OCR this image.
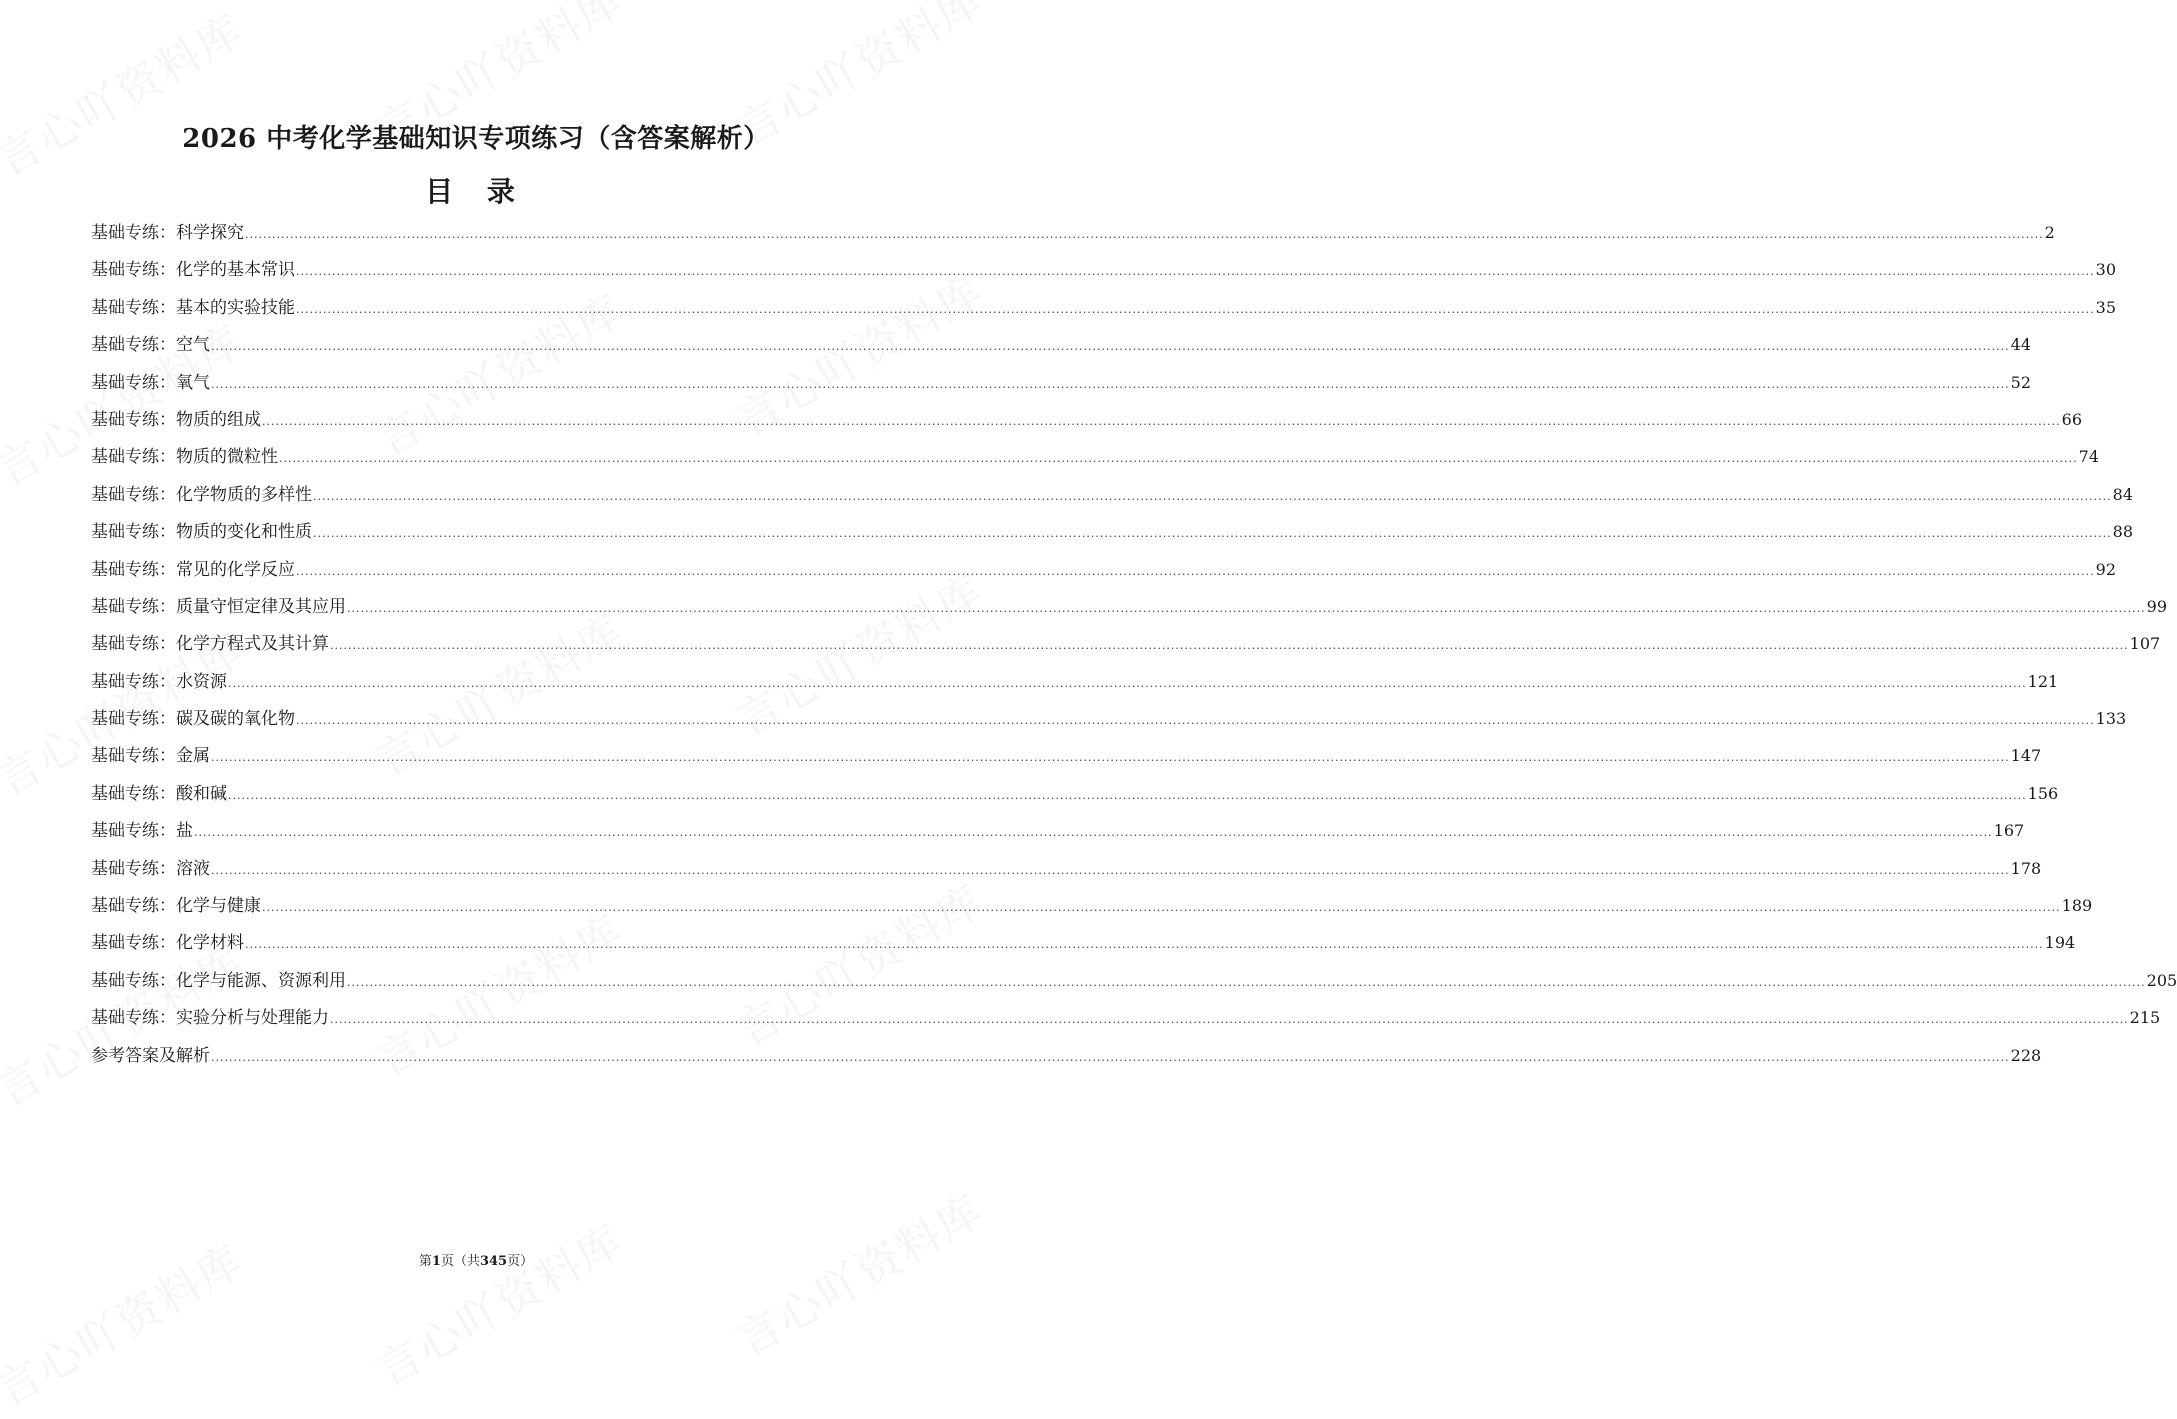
2026 中考化学基础知识专项练习（含答案解析）
目 录
基础专练：科学探究 ................................................................................................................................................................................................................................................................................................................................................................................................................ 2
基础专练：化学的基本常识 ................................................................................................................................................................................................................................................................................................................................................................................................................ 30
基础专练：基本的实验技能 ................................................................................................................................................................................................................................................................................................................................................................................................................ 35
基础专练：空气 ................................................................................................................................................................................................................................................................................................................................................................................................................ 44
基础专练：氧气 ................................................................................................................................................................................................................................................................................................................................................................................................................ 52
基础专练：物质的组成 ................................................................................................................................................................................................................................................................................................................................................................................................................ 66
基础专练：物质的微粒性 ................................................................................................................................................................................................................................................................................................................................................................................................................ 74
基础专练：化学物质的多样性 ................................................................................................................................................................................................................................................................................................................................................................................................................ 84
基础专练：物质的变化和性质 ................................................................................................................................................................................................................................................................................................................................................................................................................ 88
基础专练：常见的化学反应 ................................................................................................................................................................................................................................................................................................................................................................................................................ 92
基础专练：质量守恒定律及其应用 ................................................................................................................................................................................................................................................................................................................................................................................................................ 99
基础专练：化学方程式及其计算 ................................................................................................................................................................................................................................................................................................................................................................................................................ 107
基础专练：水资源 ................................................................................................................................................................................................................................................................................................................................................................................................................ 121
基础专练：碳及碳的氧化物 ................................................................................................................................................................................................................................................................................................................................................................................................................ 133
基础专练：金属 ................................................................................................................................................................................................................................................................................................................................................................................................................ 147
基础专练：酸和碱 ................................................................................................................................................................................................................................................................................................................................................................................................................ 156
基础专练：盐 ................................................................................................................................................................................................................................................................................................................................................................................................................ 167
基础专练：溶液 ................................................................................................................................................................................................................................................................................................................................................................................................................ 178
基础专练：化学与健康 ................................................................................................................................................................................................................................................................................................................................................................................................................ 189
基础专练：化学材料 ................................................................................................................................................................................................................................................................................................................................................................................................................ 194
基础专练：化学与能源、资源利用 ................................................................................................................................................................................................................................................................................................................................................................................................................ 205
基础专练：实验分析与处理能力 ................................................................................................................................................................................................................................................................................................................................................................................................................ 215
参考答案及解析 ................................................................................................................................................................................................................................................................................................................................................................................................................ 228
第1页（共345页）
